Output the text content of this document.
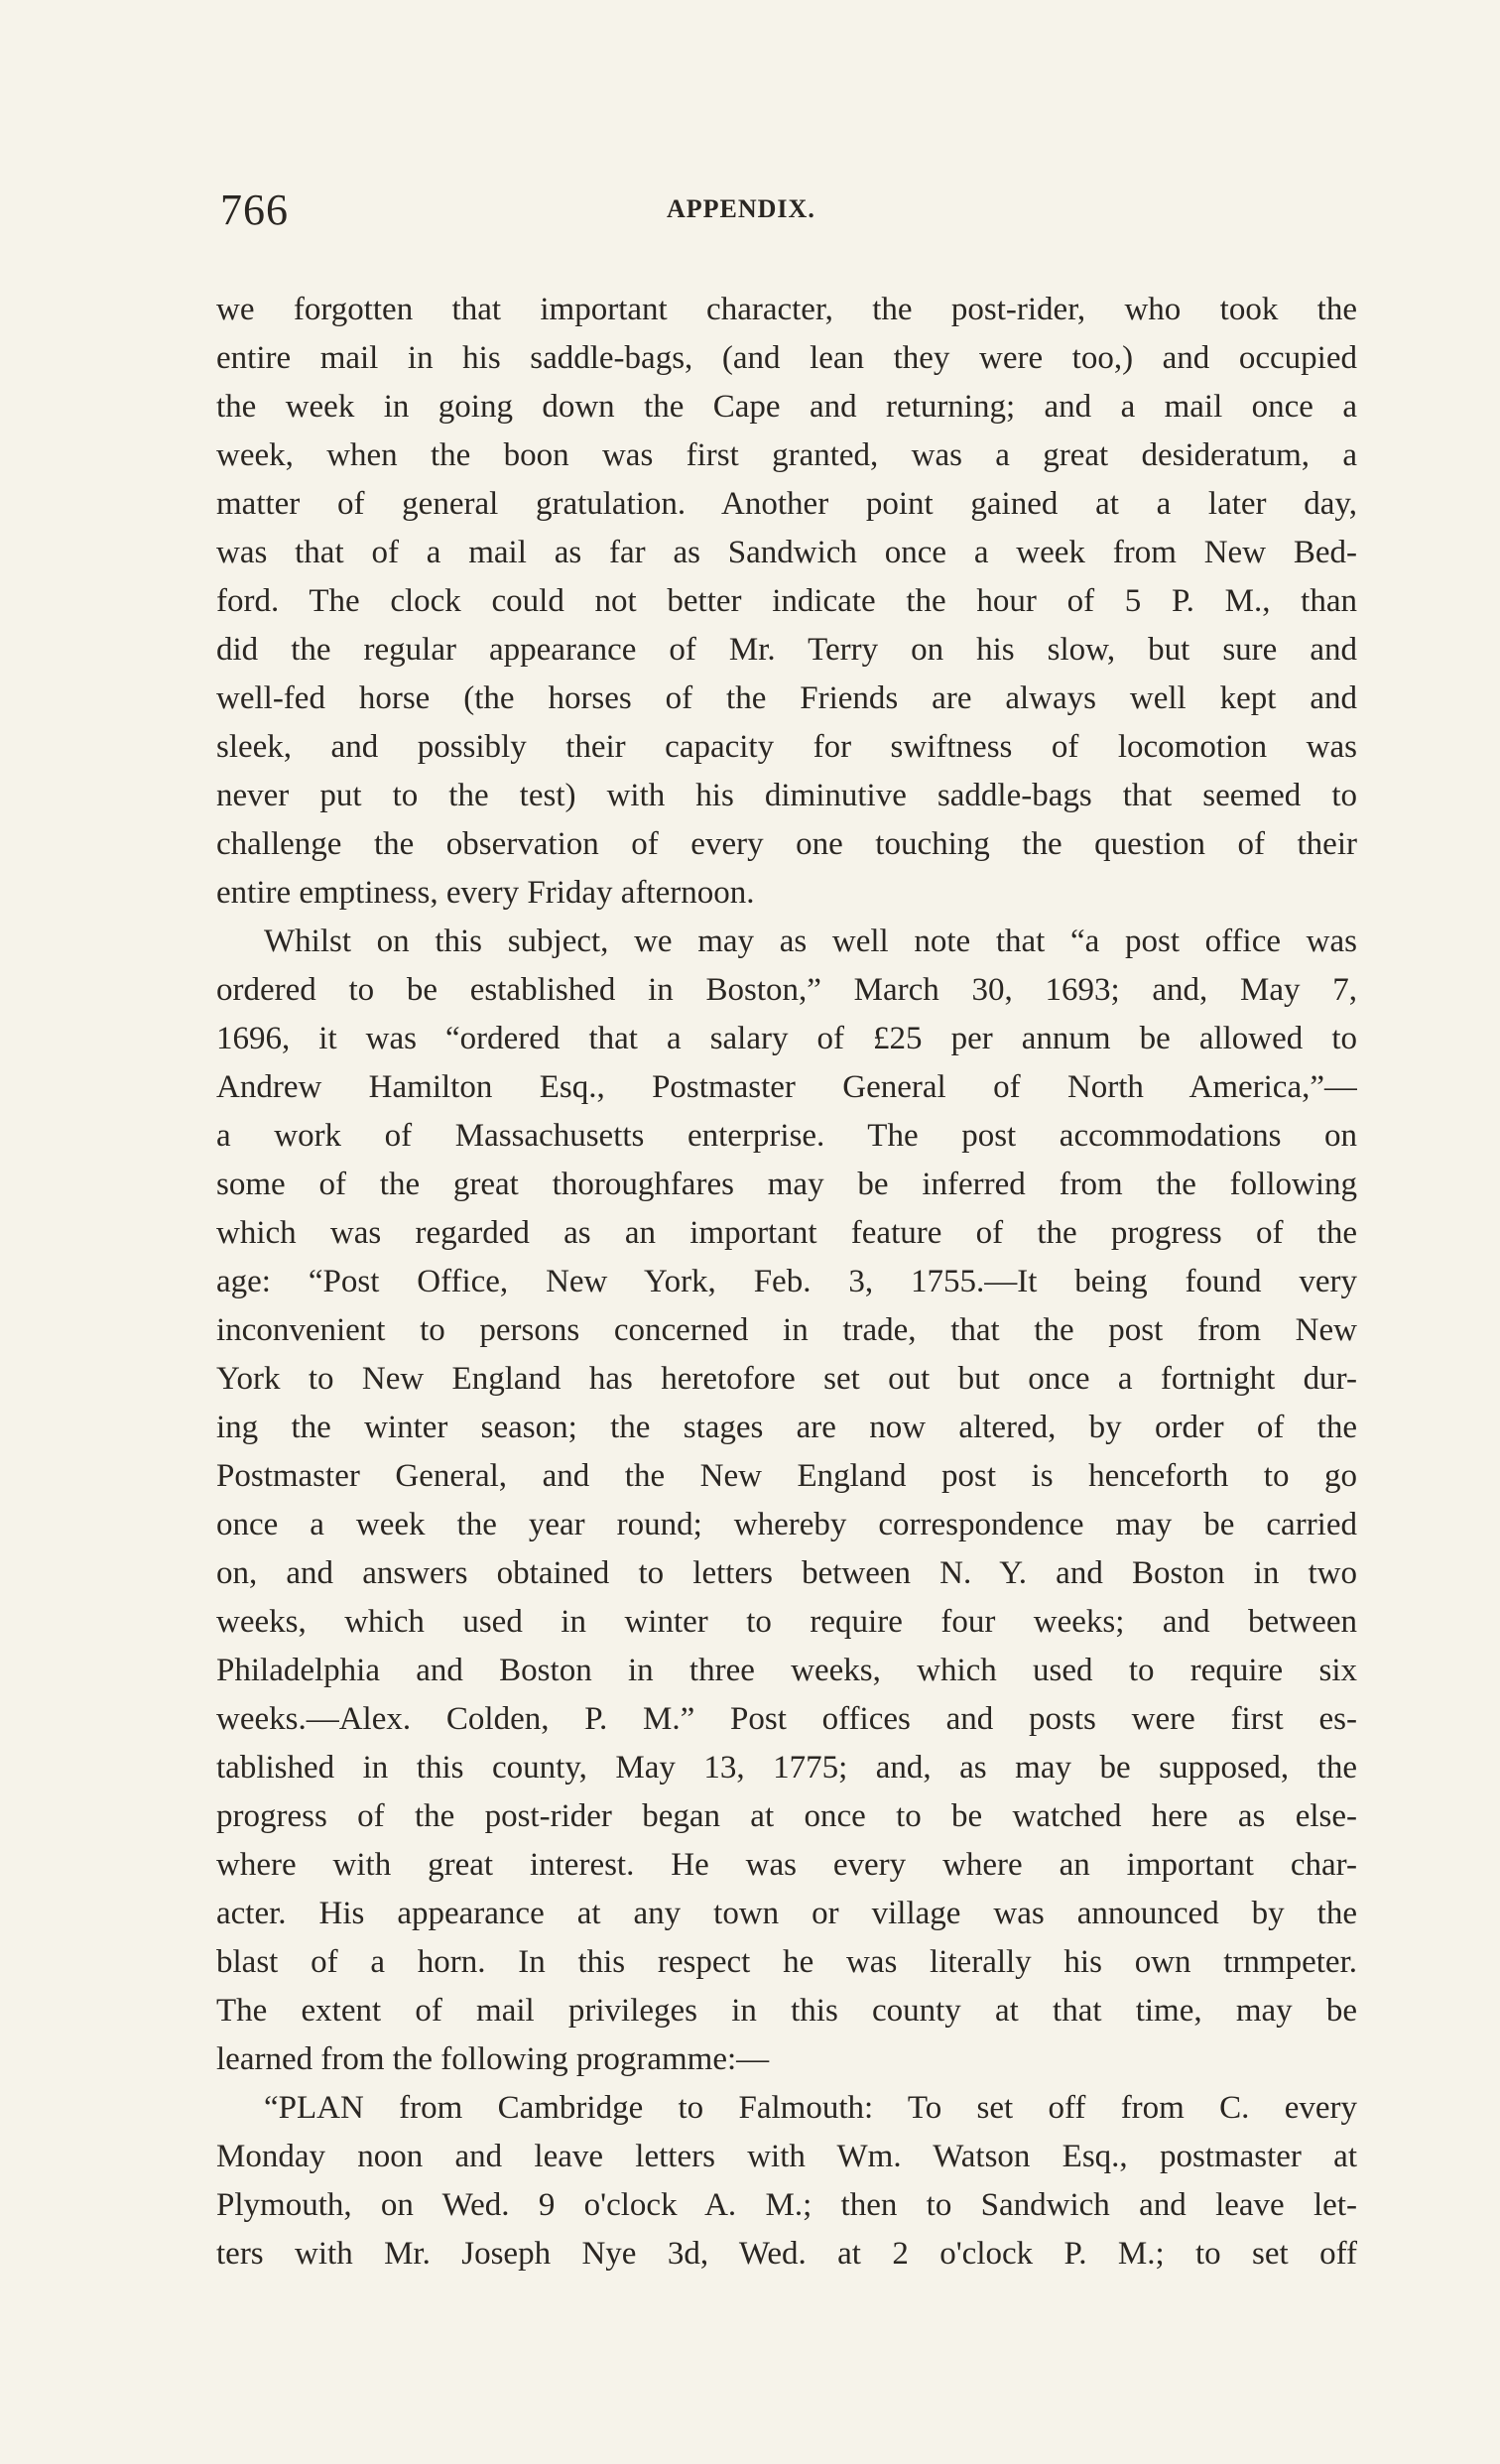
766	APPENDIX.
we forgotten that important character, the post-rider, who took the
entire mail in his saddle-bags, (and lean they were too,) and occupied
the week in going down the Cape and returning; and a mail once a
week, when the boon was first granted, was a great desideratum, a
matter of general gratulation. Another point gained at a later day,
was that of a mail as far as Sandwich once a week from New Bed-
ford. The clock could not better indicate the hour of 5 P. M., than
did the regular appearance of Mr. Terry on his slow, but sure and
well-fed horse (the horses of the Friends are always well kept and
sleek, and possibly their capacity for swiftness of locomotion was
never put to the test) with his diminutive saddle-bags that seemed to
challenge the observation of every one touching the question of their
entire emptiness, every Friday afternoon.
Whilst on this subject, we may as well note that “a post office was
ordered to be established in Boston,” March 30, 1693; and, May 7,
1696, it was “ordered that a salary of £25 per annum be allowed to
Andrew Hamilton Esq., Postmaster General of North America,”—
a work of Massachusetts enterprise. The post accommodations on
some of the great thoroughfares may be inferred from the following
which was regarded as an important feature of the progress of the
age: “Post Office, New York, Feb. 3, 1755.—It being found very
inconvenient to persons concerned in trade, that the post from New
York to New England has heretofore set out but once a fortnight dur-
ing the winter season; the stages are now altered, by order of the
Postmaster General, and the New England post is henceforth to go
once a week the year round; whereby correspondence may be carried
on, and answers obtained to letters between N. Y. and Boston in two
weeks, which used in winter to require four weeks; and between
Philadelphia and Boston in three weeks, which used to require six
weeks.—Alex. Colden, P. M.” Post offices and posts were first es-
tablished in this county, May 13, 1775; and, as may be supposed, the
progress of the post-rider began at once to be watched here as else-
where with great interest. He was every where an important char-
acter. His appearance at any town or village was announced by the
blast of a horn. In this respect he was literally his own trnmpeter.
The extent of mail privileges in this county at that time, may be
learned from the following programme:—
“PLAN from Cambridge to Falmouth: To set off from C. every
Monday noon and leave letters with Wm. Watson Esq., postmaster at
Plymouth, on Wed. 9 o'clock A. M.; then to Sandwich and leave let-
ters with Mr. Joseph Nye 3d, Wed. at 2 o'clock P. M.; to set off
